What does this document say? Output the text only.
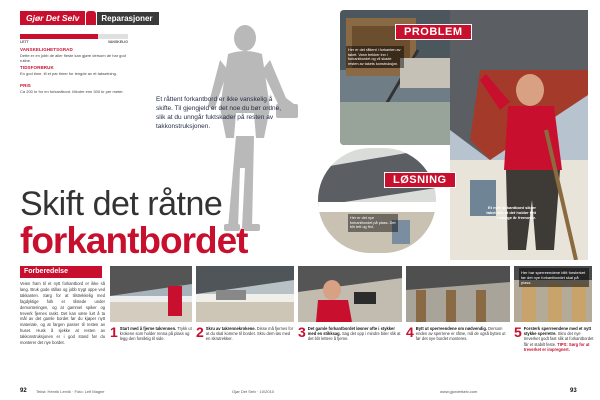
Gjør Det Selv	Reparasjoner
LETT	VANSKELIG
VANSKELIGHETSGRAD
Dette er en jobb de aller fleste kan gjøre dersom de har god rutine.
TIDSFORBRUK
En god time, til et par timer for lengde av et taksetning.
PRIS
Ca 200 kr for en forkantbord. Mindre enn 300 kr per meter.
Et råttent forkantbord er ikke vanskelig å skifte. Til gjengjeld er det noe du bør ordne, slik at du unngår fuktskader på resten av takkonstruksjonen.
Skift det råtne
forkantbordet
Her er det råttent i forkanten av taket. Vann trekker inn i forkantbordet og vil skade resten av takets konstruksjon.
PROBLEM
Et nytt forkantbord sikrer taket slik at det holder tett i mange år fremover.
LØSNING
Her er det nye forkantbordet på plass. Det blir tett og fint.
Forberedelse
Veien fram til et nytt forkantbord er ikke så lang. Bruk gode stillas og jobb trygt oppe ved takkanten. Sørg for at tilstrekkelig med fagdyktige folk er tilstede under demonteringen, og at gammel spiker og treverk fjernes raskt. Det kan være lurt å ta mål av det gamle bordet før du kjøper nytt materiale, og at fargen passer til resten av huset. Husk å sjekke at resten av takkonstruksjonen er i god stand før du monterer det nye bordet.
Her har sperreendene blitt forsterket før det nye forkantbordet skal på plass.
1 Start med å fjerne takrennen. Trykk ut krokene som holder renna på plass og legg den forsiktig til side.	2 Skru av takrennekrokene. Disse må fjernes for at du skal komme til bordet. Skru dem løs med en skrutrekker.	3 Det gamle forkantbordet løsner ofte i stykker med en stikksag. Sag det opp i mindre biter slik at det blir lettere å fjerne.	4 Bytt ut sperreendene om nødvendig. Dersom enden av sperrene er råtne, må de også byttes ut før det nye bordet monteres.	5 Forsterk sperreendene med et nytt stykke sperretre. Skru det nye treverket godt fast slik at forkantbordet får et stabilt feste. TIPS: Sørg for at treverket er impregnert.
92 Tekst: Henrik Lervik · Foto: Leif Magne	Gjør Det Selv · 10/2010	www.gjordetselv.com	93
